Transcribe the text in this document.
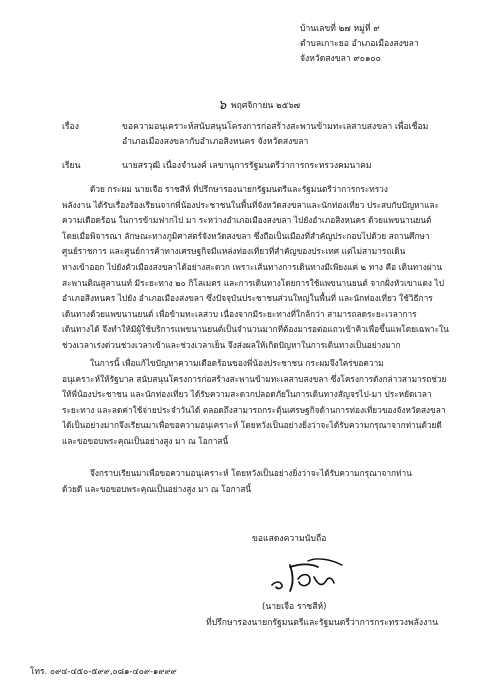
บ้านเลขที่ ๒๗ หมู่ที่ ๙
ตำบลเกาะยอ อำเภอเมืองสงขลา
จังหวัดสงขลา ๙๐๑๐๐
๖ พฤศจิกายน ๒๕๖๗
เรื่อง	ขอความอนุเคราะห์สนับสนุนโครงการก่อสร้างสะพานข้ามทะเลสาบสงขลา เพื่อเชื่อม
อำเภอเมืองสงขลากับอำเภอสิงหนคร จังหวัดสงขลา
เรียน	นายสรวุฒิ เนื่องจำนงค์ เลขานุการรัฐมนตรีว่าการกระทรวงคมนาคม
ด้วย กระผม นายเจือ ราชสีห์ ที่ปรึกษารองนายกรัฐมนตรีและรัฐมนตรีว่าการกระทรวง
พลังงาน ได้รับเรื่องร้องเรียนจากพี่น้องประชาชนในพื้นที่จังหวัดสงขลาและนักท่องเที่ยว ประสบกับปัญหาและ
ความเดือดร้อน ในการข้ามฟากไป มา ระหว่างอำเภอเมืองสงขลา ไปยังอำเภอสิงหนคร ด้วยแพขนานยนต์
โดยเมื่อพิจารณา ลักษณะทางภูมิศาสตร์จังหวัดสงขลา ซึ่งถือเป็นเมืองที่สำคัญประกอบไปด้วย สถานศึกษา
ศูนย์ราชการ และศูนย์การค้าทางเศรษฐกิจมีแหล่งท่องเที่ยวที่สำคัญของประเทศ แต่ไม่สามารถเดิน
ทางเข้าออก ไปยังตัวเมืองสงขลาได้อย่างสะดวก เพราะเส้นทางการเดินทางมีเพียงแค่ ๒ ทาง คือ เดินทางผ่าน
สะพานติณสูลานนท์ มีระยะทาง ๒๐ กิโลเมตร และการเดินทางโดยการใช้แพขนานยนต์ จากฝั่งหัวเขาแดง ไป
อำเภอสิงหนคร ไปยัง อำเภอเมืองสงขลา ซึ่งปัจจุบันประชาชนส่วนใหญ่ในพื้นที่ และนักท่องเที่ยว ใช้วิธีการ
เดินทางด้วยแพขนานยนต์ เพื่อข้ามทะเลสาบ เนื่องจากมีระยะทางที่ใกล้กว่า สามารถลดระยะเวลาการ
เดินทางได้ จึงทำให้มีผู้ใช้บริการแพขนานยนต์เป็นจำนวนมากที่ต้องมารอต่อแถวเข้าคิวเพื่อขึ้นแพโดยเฉพาะใน
ช่วงเวลาเร่งด่วนช่วงเวลาเข้าและช่วงเวลาเย็น จึงส่งผลให้เกิดปัญหาในการเดินทางเป็นอย่างมาก
ในการนี้ เพื่อแก้ไขปัญหาความเดือดร้อนของพี่น้องประชาชน กระผมจึงใคร่ขอความ
อนุเคราะห์ให้รัฐบาล สนับสนุนโครงการก่อสร้างสะพานข้ามทะเลสาบสงขลา ซึ่งโครงการดังกล่าวสามารถช่วย
ให้พี่น้องประชาชน และนักท่องเที่ยว ได้รับความสะดวกปลอดภัยในการเดินทางสัญจรไป-มา ประหยัดเวลา
ระยะทาง และลดค่าใช้จ่ายประจำวันได้ ตลอดถึงสามารถกระตุ้นเศรษฐกิจด้านการท่องเที่ยวของจังหวัดสงขลา
ได้เป็นอย่างมากจึงเรียนมาเพื่อขอความอนุเคราะห์ โดยหวังเป็นอย่างยิ่งว่าจะได้รับความกรุณาจากท่านด้วยดี
และขอขอบพระคุณเป็นอย่างสูง มา ณ โอกาสนี้
จึงกราบเรียนมาเพื่อขอความอนุเคราะห์ โดยหวังเป็นอย่างยิ่งว่าจะได้รับความกรุณาจากท่าน
ด้วยดี และขอขอบพระคุณเป็นอย่างสูง มา ณ โอกาสนี้
ขอแสดงความนับถือ
(นายเจือ ราชสีห์)
ที่ปรึกษารองนายกรัฐมนตรีและรัฐมนตรีว่าการกระทรวงพลังงาน
โทร. ๐๙๔-๔๕๐-๕๙๙,๐๘๑-๔๐๙-๑๙๙๙
